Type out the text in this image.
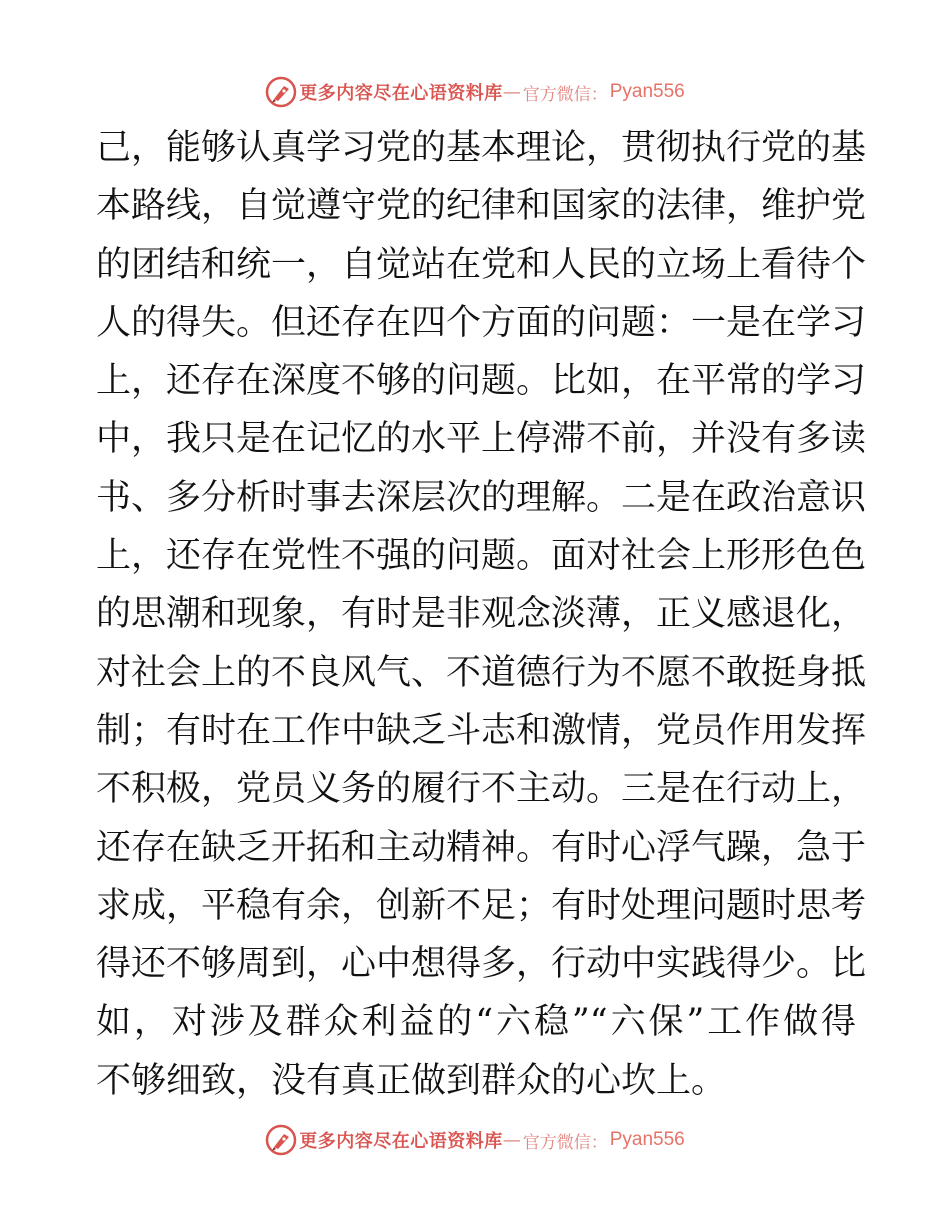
更多内容尽在心语资料库 — 官方微信： Pyan556
己，能够认真学习党的基本理论，贯彻执行党的基
本路线，自觉遵守党的纪律和国家的法律，维护党
的团结和统一，自觉站在党和人民的立场上看待个
人的得失。但还存在四个方面的问题：一是在学习
上，还存在深度不够的问题。比如，在平常的学习
中，我只是在记忆的水平上停滞不前，并没有多读
书、多分析时事去深层次的理解。二是在政治意识
上，还存在党性不强的问题。面对社会上形形色色
的思潮和现象，有时是非观念淡薄，正义感退化，
对社会上的不良风气、不道德行为不愿不敢挺身抵
制；有时在工作中缺乏斗志和激情，党员作用发挥
不积极，党员义务的履行不主动。三是在行动上，
还存在缺乏开拓和主动精神。有时心浮气躁，急于
求成，平稳有余，创新不足；有时处理问题时思考
得还不够周到，心中想得多，行动中实践得少。比
如，对涉及群众利益的“六稳”“六保”工作做得
不够细致，没有真正做到群众的心坎上。
更多内容尽在心语资料库 — 官方微信： Pyan556
